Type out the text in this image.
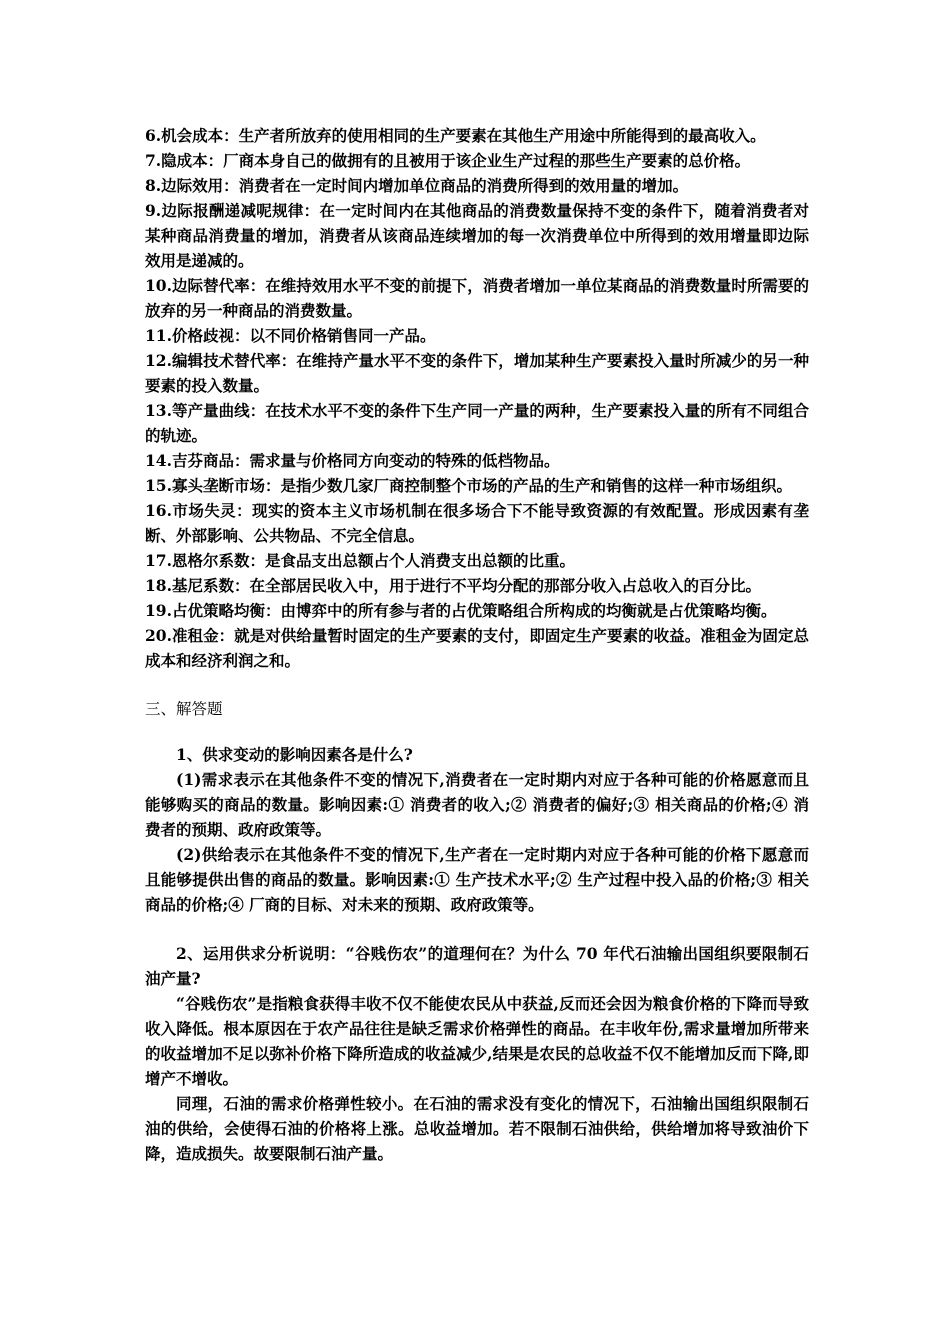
6.机会成本：生产者所放弃的使用相同的生产要素在其他生产用途中所能得到的最高收入。

7.隐成本：厂商本身自己的做拥有的且被用于该企业生产过程的那些生产要素的总价格。

8.边际效用：消费者在一定时间内增加单位商品的消费所得到的效用量的增加。

9.边际报酬递减呢规律：在一定时间内在其他商品的消费数量保持不变的条件下，随着消费者对某种商品消费量的增加，消费者从该商品连续增加的每一次消费单位中所得到的效用增量即边际效用是递减的。

10.边际替代率：在维持效用水平不变的前提下，消费者增加一单位某商品的消费数量时所需要的放弃的另一种商品的消费数量。

11.价格歧视：以不同价格销售同一产品。

12.编辑技术替代率：在维持产量水平不变的条件下，增加某种生产要素投入量时所减少的另一种要素的投入数量。

13.等产量曲线：在技术水平不变的条件下生产同一产量的两种，生产要素投入量的所有不同组合的轨迹。

14.吉芬商品：需求量与价格同方向变动的特殊的低档物品。

15.寡头垄断市场：是指少数几家厂商控制整个市场的产品的生产和销售的这样一种市场组织。

16.市场失灵：现实的资本主义市场机制在很多场合下不能导致资源的有效配置。形成因素有垄断、外部影响、公共物品、不完全信息。

17.恩格尔系数：是食品支出总额占个人消费支出总额的比重。

18.基尼系数：在全部居民收入中，用于进行不平均分配的那部分收入占总收入的百分比。

19.占优策略均衡：由博弈中的所有参与者的占优策略组合所构成的均衡就是占优策略均衡。

20.准租金：就是对供给量暂时固定的生产要素的支付，即固定生产要素的收益。准租金为固定总成本和经济利润之和。

三、解答题

1、供求变动的影响因素各是什么?

(1)需求表示在其他条件不变的情况下,消费者在一定时期内对应于各种可能的价格愿意而且能够购买的商品的数量。影响因素:① 消费者的收入;② 消费者的偏好;③ 相关商品的价格;④ 消费者的预期、政府政策等。

(2)供给表示在其他条件不变的情况下,生产者在一定时期内对应于各种可能的价格下愿意而且能够提供出售的商品的数量。影响因素:① 生产技术水平;② 生产过程中投入品的价格;③ 相关商品的价格;④ 厂商的目标、对未来的预期、政府政策等。

2、运用供求分析说明：“谷贱伤农”的道理何在？为什么 70 年代石油输出国组织要限制石油产量?

“谷贱伤农”是指粮食获得丰收不仅不能使农民从中获益,反而还会因为粮食价格的下降而导致收入降低。根本原因在于农产品往往是缺乏需求价格弹性的商品。在丰收年份,需求量增加所带来的收益增加不足以弥补价格下降所造成的收益减少,结果是农民的总收益不仅不能增加反而下降,即增产不增收。

同理，石油的需求价格弹性较小。在石油的需求没有变化的情况下，石油输出国组织限制石油的供给，会使得石油的价格将上涨。总收益增加。若不限制石油供给，供给增加将导致油价下降，造成损失。故要限制石油产量。
